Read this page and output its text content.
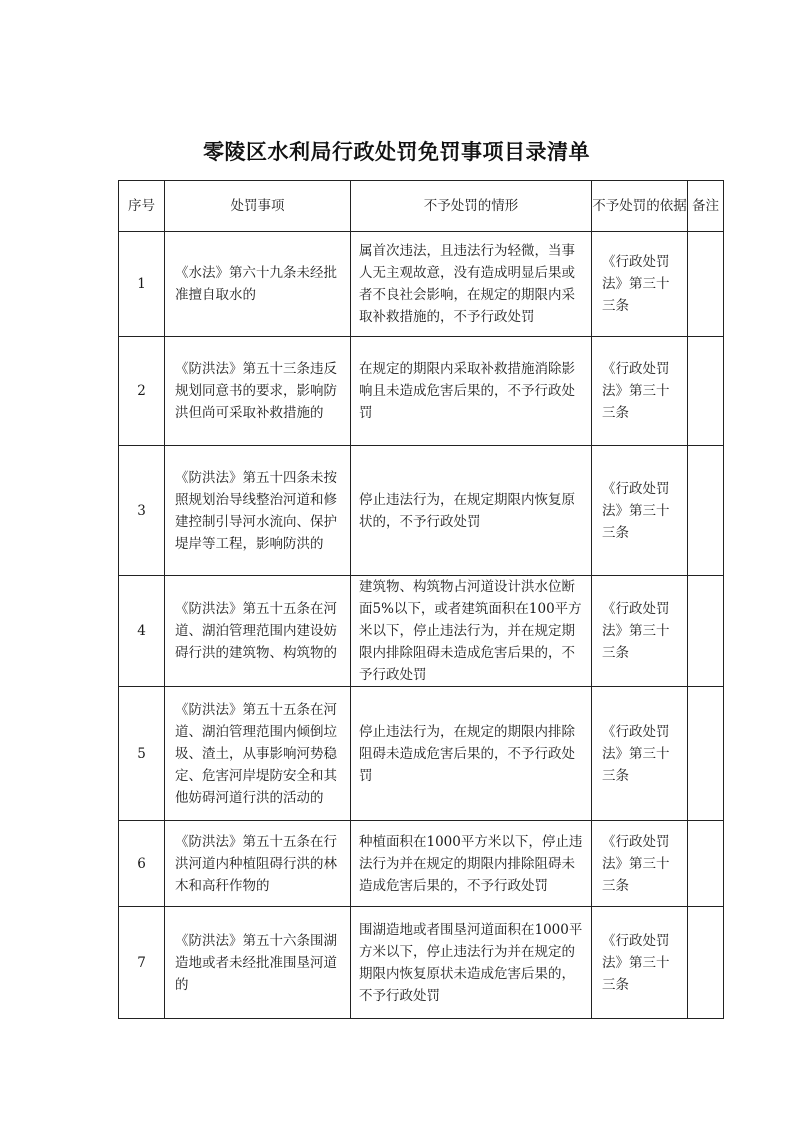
零陵区水利局行政处罚免罚事项目录清单
序号	处罚事项	不予处罚的情形	不予处罚的依据	备注
1	《水法》第六十九条未经批准擅自取水的	属首次违法，且违法行为轻微，当事人无主观故意，没有造成明显后果或者不良社会影响，在规定的期限内采取补救措施的，不予行政处罚	《行政处罚法》第三十三条	

2	《防洪法》第五十三条违反规划同意书的要求，影响防洪但尚可采取补救措施的	在规定的期限内采取补救措施消除影响且未造成危害后果的，不予行政处罚	《行政处罚法》第三十三条	

3	《防洪法》第五十四条未按照规划治导线整治河道和修建控制引导河水流向、保护堤岸等工程，影响防洪的	停止违法行为，在规定期限内恢复原状的，不予行政处罚	《行政处罚法》第三十三条	

4	《防洪法》第五十五条在河道、湖泊管理范围内建设妨碍行洪的建筑物、构筑物的	建筑物、构筑物占河道设计洪水位断面5%以下，或者建筑面积在100平方米以下，停止违法行为，并在规定期限内排除阻碍未造成危害后果的，不予行政处罚	《行政处罚法》第三十三条	

5	《防洪法》第五十五条在河道、湖泊管理范围内倾倒垃圾、渣土，从事影响河势稳定、危害河岸堤防安全和其他妨碍河道行洪的活动的	停止违法行为，在规定的期限内排除阻碍未造成危害后果的，不予行政处罚	《行政处罚法》第三十三条	

6	《防洪法》第五十五条在行洪河道内种植阻碍行洪的林木和高秆作物的	种植面积在1000平方米以下，停止违法行为并在规定的期限内排除阻碍未造成危害后果的，不予行政处罚	《行政处罚法》第三十三条	

7	《防洪法》第五十六条围湖造地或者未经批准围垦河道的	围湖造地或者围垦河道面积在1000平方米以下，停止违法行为并在规定的期限内恢复原状未造成危害后果的，不予行政处罚	《行政处罚法》第三十三条	
